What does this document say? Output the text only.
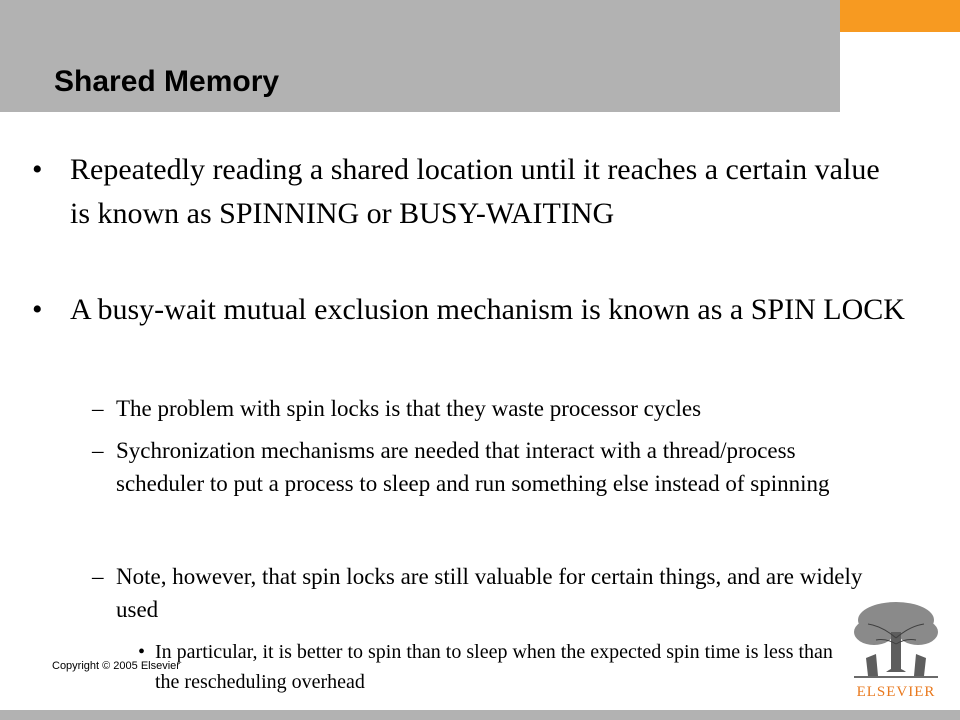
Shared Memory
• Repeatedly reading a shared location until it reaches a certain value is known as SPINNING or BUSY-WAITING

• A busy-wait mutual exclusion mechanism is known as a SPIN LOCK

– The problem with spin locks is that they waste processor cycles

– Sychronization mechanisms are needed that interact with a thread/process scheduler to put a process to sleep and run something else instead of spinning

– Note, however, that spin locks are still valuable for certain things, and are widely used

• In particular, it is better to spin than to sleep when the expected spin time is less than the rescheduling overhead

Copyright © 2005 Elsevier
ELSEVIER
